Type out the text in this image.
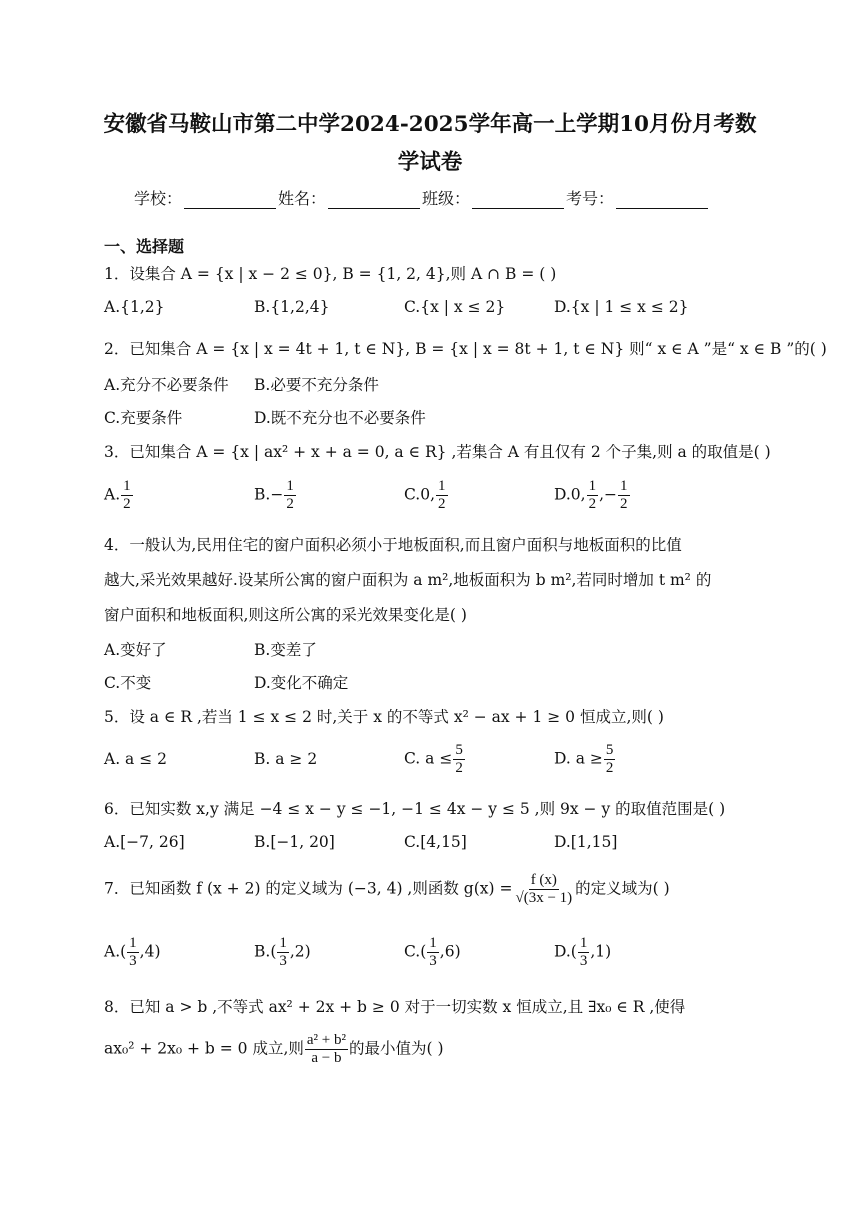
安徽省马鞍山市第二中学2024-2025学年高一上学期10月份月考数
学试卷
学校：	姓名：	班级：	考号：
一、选择题
1．设集合 A = {x | x − 2 ≤ 0}, B = {1, 2, 4},则 A ∩ B = ( )
A.{1,2}	B.{1,2,4}	C.{x | x ≤ 2}	D.{x | 1 ≤ x ≤ 2}
2．已知集合 A = {x | x = 4t + 1, t ∈ N}, B = {x | x = 8t + 1, t ∈ N} 则“ x ∈ A ”是“ x ∈ B ”的( )
A.充分不必要条件 B.必要不充分条件
C.充要条件	D.既不充分也不必要条件
3．已知集合 A = {x | ax² + x + a = 0, a ∈ R} ,若集合 A 有且仅有 2 个子集,则 a 的取值是( )
A. $\frac{1}{2}$	$B.- \frac{1}{2}$	C.0, $\frac{1}{2}$	D.0, $\frac{1}{2}$ ,− $\frac{1}{2}$
4．一般认为,民用住宅的窗户面积必须小于地板面积,而且窗户面积与地板面积的比值
越大,采光效果越好.设某所公寓的窗户面积为 a m²,地板面积为 b m²,若同时增加 t m² 的
窗户面积和地板面积,则这所公寓的采光效果变化是( )
A.变好了	B.变差了
C.不变	D.变化不确定
5．设 a ∈ R ,若当 1 ≤ x ≤ 2 时,关于 x 的不等式 x² − ax + 1 ≥ 0 恒成立,则( )
A. a ≤ 2	B. a ≥ 2	C. $a \le \frac{5}{2}$	D. $a \ge \frac{5}{2}$
6．已知实数 x,y 满足 −4 ≤ x − y ≤ −1, −1 ≤ 4x − y ≤ 5 ,则 9x − y 的取值范围是( )
A.[−7, 26]	B.[−1, 20]	C.[4,15]	D.[1,15]
7．已知函数 f (x + 2) 的定义域为 (−3, 4) ,则函数 $g(x) = \frac{f (x)}{√(3x - 1)}$ 的定义域为( )
$A.( \frac{1}{3} ,4)$	$B.( \frac{1}{3} ,2)$	$C.( \frac{1}{3} ,6)$	$D.( \frac{1}{3} ,1)$
8．已知 a > b ,不等式 ax² + 2x + b ≥ 0 对于一切实数 x 恒成立,且 ∃x₀ ∈ R ,使得
ax₀² + 2x₀ + b = 0 成立,则 $\frac{\text{a² + b²}}{a - b}$ 的最小值为( )
